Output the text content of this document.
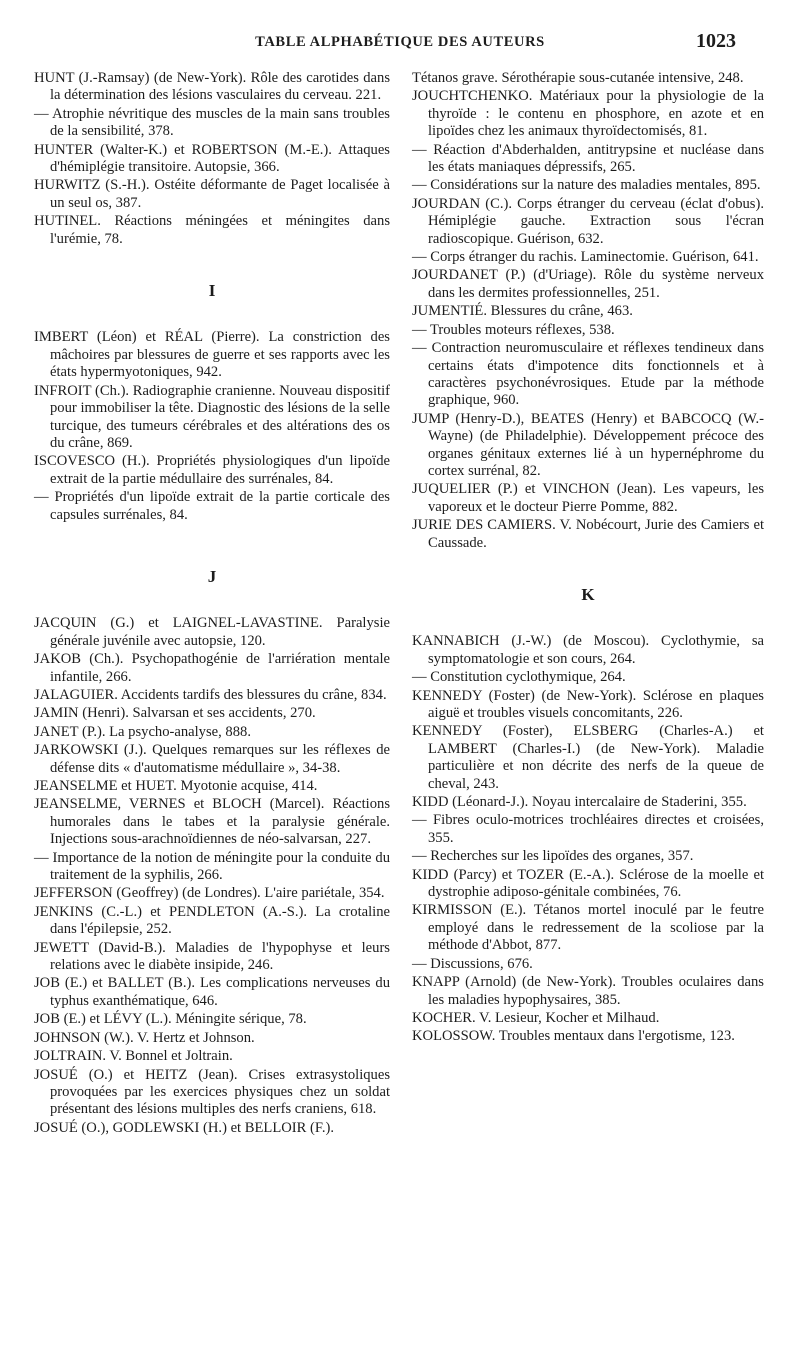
TABLE ALPHABÉTIQUE DES AUTEURS	1023
HUNT (J.-Ramsay) (de New-York). Rôle des carotides dans la détermination des lésions vasculaires du cerveau. 221.
— Atrophie névritique des muscles de la main sans troubles de la sensibilité, 378.
HUNTER (Walter-K.) et ROBERTSON (M.-E.). Attaques d'hémiplégie transitoire. Autopsie, 366.
HURWITZ (S.-H.). Ostéite déformante de Paget localisée à un seul os, 387.
HUTINEL. Réactions méningées et méningites dans l'urémie, 78.
I
IMBERT (Léon) et RÉAL (Pierre). La constriction des mâchoires par blessures de guerre et ses rapports avec les états hypermyotoniques, 942.
INFROIT (Ch.). Radiographie cranienne. Nouveau dispositif pour immobiliser la tête. Diagnostic des lésions de la selle turcique, des tumeurs cérébrales et des altérations des os du crâne, 869.
ISCOVESCO (H.). Propriétés physiologiques d'un lipoïde extrait de la partie médullaire des surrénales, 84.
— Propriétés d'un lipoïde extrait de la partie corticale des capsules surrénales, 84.
J
JACQUIN (G.) et LAIGNEL-LAVASTINE. Paralysie générale juvénile avec autopsie, 120.
JAKOB (Ch.). Psychopathogénie de l'arriération mentale infantile, 266.
JALAGUIER. Accidents tardifs des blessures du crâne, 834.
JAMIN (Henri). Salvarsan et ses accidents, 270.
JANET (P.). La psycho-analyse, 888.
JARKOWSKI (J.). Quelques remarques sur les réflexes de défense dits « d'automatisme médullaire », 34-38.
JEANSELME et HUET. Myotonie acquise, 414.
JEANSELME, VERNES et BLOCH (Marcel). Réactions humorales dans le tabes et la paralysie générale. Injections sous-arachnoïdiennes de néo-salvarsan, 227.
— Importance de la notion de méningite pour la conduite du traitement de la syphilis, 266.
JEFFERSON (Geoffrey) (de Londres). L'aire pariétale, 354.
JENKINS (C.-L.) et PENDLETON (A.-S.). La crotaline dans l'épilepsie, 252.
JEWETT (David-B.). Maladies de l'hypophyse et leurs relations avec le diabète insipide, 246.
JOB (E.) et BALLET (B.). Les complications nerveuses du typhus exanthématique, 646.
JOB (E.) et LÉVY (L.). Méningite sérique, 78.
JOHNSON (W.). V. Hertz et Johnson.
JOLTRAIN. V. Bonnel et Joltrain.
JOSUÉ (O.) et HEITZ (Jean). Crises extrasystoliques provoquées par les exercices physiques chez un soldat présentant des lésions multiples des nerfs craniens, 618.
JOSUÉ (O.), GODLEWSKI (H.) et BELLOIR (F.).
Tétanos grave. Sérothérapie sous-cutanée intensive, 248.
JOUCHTCHENKO. Matériaux pour la physiologie de la thyroïde : le contenu en phosphore, en azote et en lipoïdes chez les animaux thyroïdectomisés, 81.
— Réaction d'Abderhalden, antitrypsine et nucléase dans les états maniaques dépressifs, 265.
— Considérations sur la nature des maladies mentales, 895.
JOURDAN (C.). Corps étranger du cerveau (éclat d'obus). Hémiplégie gauche. Extraction sous l'écran radioscopique. Guérison, 632.
— Corps étranger du rachis. Laminectomie. Guérison, 641.
JOURDANET (P.) (d'Uriage). Rôle du système nerveux dans les dermites professionnelles, 251.
JUMENTIÉ. Blessures du crâne, 463.
— Troubles moteurs réflexes, 538.
— Contraction neuromusculaire et réflexes tendineux dans certains états d'impotence dits fonctionnels et à caractères psychonévrosiques. Etude par la méthode graphique, 960.
JUMP (Henry-D.), BEATES (Henry) et BABCOCQ (W.-Wayne) (de Philadelphie). Développement précoce des organes génitaux externes lié à un hypernéphrome du cortex surrénal, 82.
JUQUELIER (P.) et VINCHON (Jean). Les vapeurs, les vaporeux et le docteur Pierre Pomme, 882.
JURIE DES CAMIERS. V. Nobécourt, Jurie des Camiers et Caussade.
K
KANNABICH (J.-W.) (de Moscou). Cyclothymie, sa symptomatologie et son cours, 264.
— Constitution cyclothymique, 264.
KENNEDY (Foster) (de New-York). Sclérose en plaques aiguë et troubles visuels concomitants, 226.
KENNEDY (Foster), ELSBERG (Charles-A.) et LAMBERT (Charles-I.) (de New-York). Maladie particulière et non décrite des nerfs de la queue de cheval, 243.
KIDD (Léonard-J.). Noyau intercalaire de Staderini, 355.
— Fibres oculo-motrices trochléaires directes et croisées, 355.
— Recherches sur les lipoïdes des organes, 357.
KIDD (Parcy) et TOZER (E.-A.). Sclérose de la moelle et dystrophie adiposo-génitale combinées, 76.
KIRMISSON (E.). Tétanos mortel inoculé par le feutre employé dans le redressement de la scoliose par la méthode d'Abbot, 877.
— Discussions, 676.
KNAPP (Arnold) (de New-York). Troubles oculaires dans les maladies hypophysaires, 385.
KOCHER. V. Lesieur, Kocher et Milhaud.
KOLOSSOW. Troubles mentaux dans l'ergotisme, 123.
